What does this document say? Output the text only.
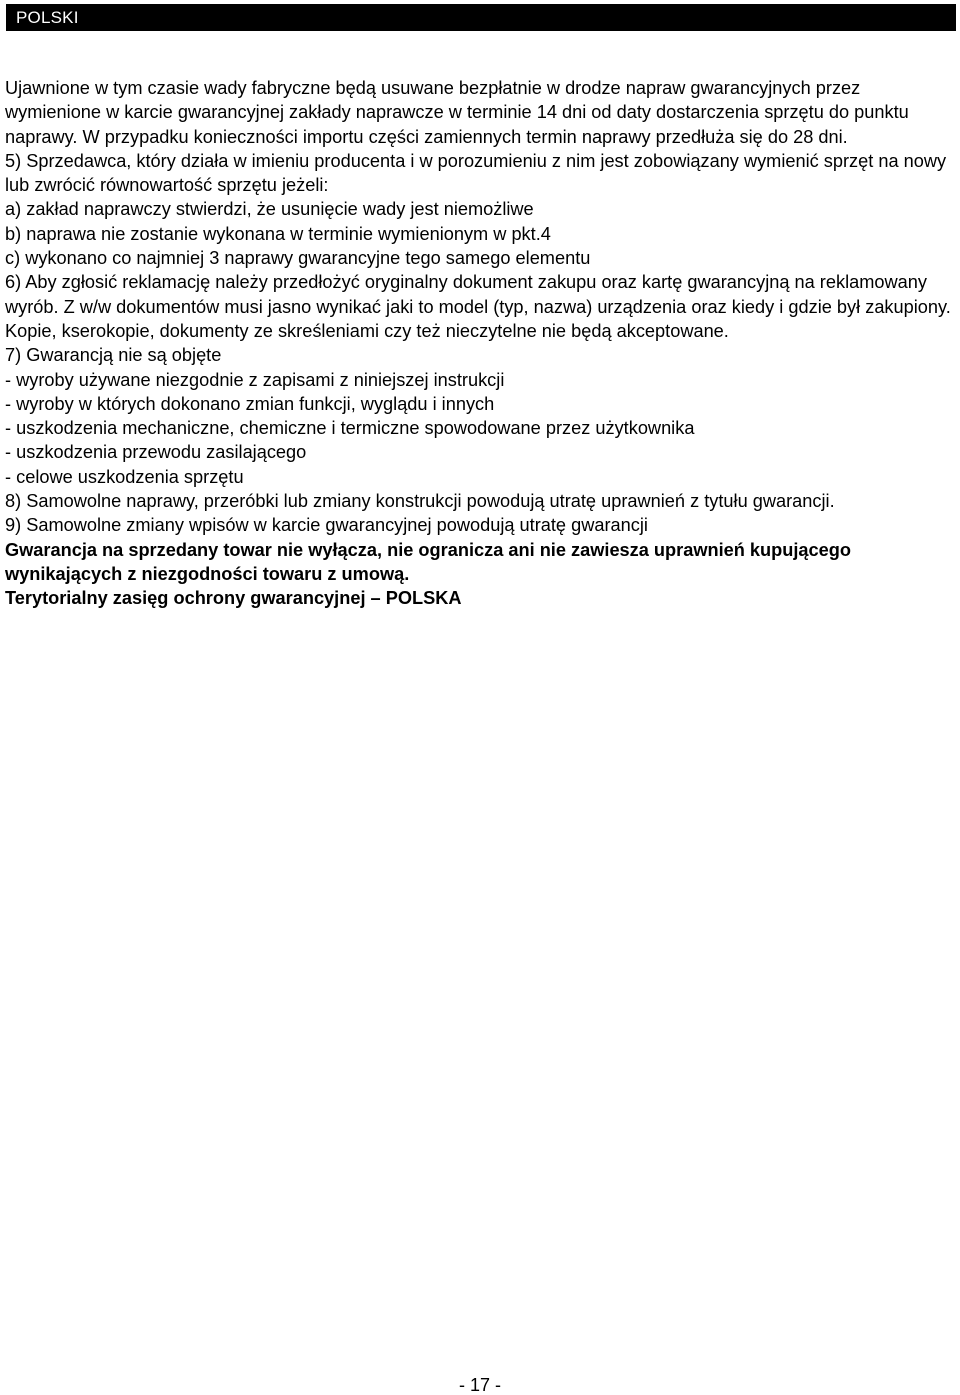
POLSKI

Ujawnione w tym czasie wady fabryczne będą usuwane bezpłatnie w drodze napraw gwarancyjnych przez wymienione w karcie gwarancyjnej zakłady naprawcze w terminie 14 dni od daty dostarczenia sprzętu do punktu naprawy. W przypadku konieczności importu części zamiennych termin naprawy przedłuża się do 28 dni.

5) Sprzedawca, który działa w imieniu producenta i w porozumieniu z nim jest zobowiązany wymienić sprzęt na nowy lub zwrócić równowartość sprzętu jeżeli:

a) zakład naprawczy stwierdzi, że usunięcie wady jest niemożliwe

b) naprawa nie zostanie wykonana w terminie wymienionym w pkt.4

c) wykonano co najmniej 3 naprawy gwarancyjne tego samego elementu

6) Aby zgłosić reklamację należy przedłożyć oryginalny dokument zakupu oraz kartę gwarancyjną na reklamowany wyrób. Z w/w dokumentów musi jasno wynikać jaki to model (typ, nazwa) urządzenia oraz kiedy i gdzie był zakupiony. Kopie, kserokopie, dokumenty ze skreśleniami czy też nieczytelne nie będą akceptowane.

7) Gwarancją nie są objęte

- wyroby używane niezgodnie z zapisami z niniejszej instrukcji

- wyroby w których dokonano zmian funkcji, wyglądu i innych

- uszkodzenia mechaniczne, chemiczne i termiczne spowodowane przez użytkownika

- uszkodzenia przewodu zasilającego

- celowe uszkodzenia sprzętu

8) Samowolne naprawy, przeróbki lub zmiany konstrukcji powodują utratę uprawnień z tytułu gwarancji.

9) Samowolne zmiany wpisów w karcie gwarancyjnej powodują utratę gwarancji

Gwarancja na sprzedany towar nie wyłącza, nie ogranicza ani nie zawiesza uprawnień kupującego wynikających z niezgodności towaru z umową.

Terytorialny zasięg ochrony gwarancyjnej – POLSKA

- 17 -
